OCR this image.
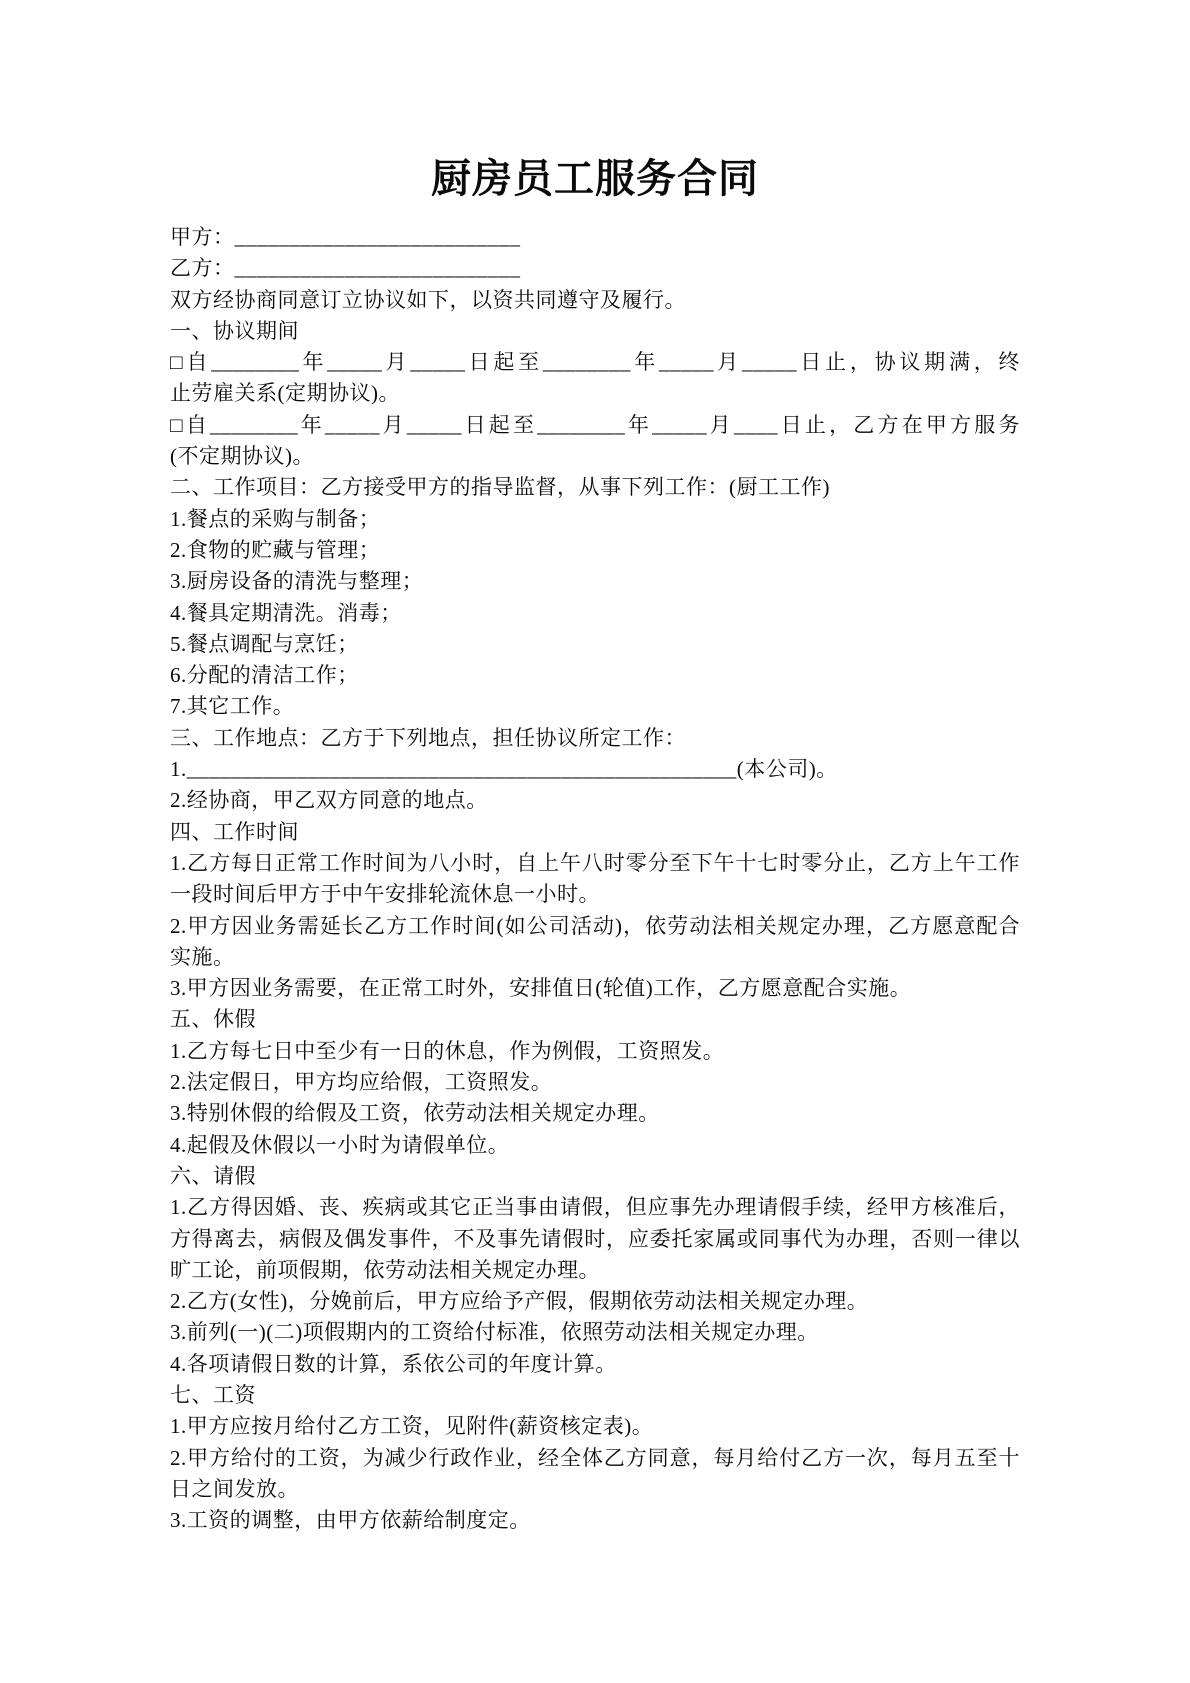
厨房员工服务合同
甲方：__________________________
乙方：__________________________
双方经协商同意订立协议如下，以资共同遵守及履行。
一、协议期间
□自________年_____月_____日起至________年_____月_____日止，协议期满，终
止劳雇关系(定期协议)。
□自________年_____月_____日起至________年_____月____日止，乙方在甲方服务
(不定期协议)。
二、工作项目：乙方接受甲方的指导监督，从事下列工作：(厨工工作)
1.餐点的采购与制备；
2.食物的贮藏与管理；
3.厨房设备的清洗与整理；
4.餐具定期清洗。消毒；
5.餐点调配与烹饪；
6.分配的清洁工作；
7.其它工作。
三、工作地点：乙方于下列地点，担任协议所定工作：
1.__________________________________________________(本公司)。
2.经协商，甲乙双方同意的地点。
四、工作时间
1.乙方每日正常工作时间为八小时，自上午八时零分至下午十七时零分止，乙方上午工作
一段时间后甲方于中午安排轮流休息一小时。
2.甲方因业务需延长乙方工作时间(如公司活动)，依劳动法相关规定办理，乙方愿意配合
实施。
3.甲方因业务需要，在正常工时外，安排值日(轮值)工作，乙方愿意配合实施。
五、休假
1.乙方每七日中至少有一日的休息，作为例假，工资照发。
2.法定假日，甲方均应给假，工资照发。
3.特别休假的给假及工资，依劳动法相关规定办理。
4.起假及休假以一小时为请假单位。
六、请假
1.乙方得因婚、丧、疾病或其它正当事由请假，但应事先办理请假手续，经甲方核准后，
方得离去，病假及偶发事件，不及事先请假时，应委托家属或同事代为办理，否则一律以
旷工论，前项假期，依劳动法相关规定办理。
2.乙方(女性)，分娩前后，甲方应给予产假，假期依劳动法相关规定办理。
3.前列(一)(二)项假期内的工资给付标准，依照劳动法相关规定办理。
4.各项请假日数的计算，系依公司的年度计算。
七、工资
1.甲方应按月给付乙方工资，见附件(薪资核定表)。
2.甲方给付的工资，为减少行政作业，经全体乙方同意，每月给付乙方一次，每月五至十
日之间发放。
3.工资的调整，由甲方依薪给制度定。
